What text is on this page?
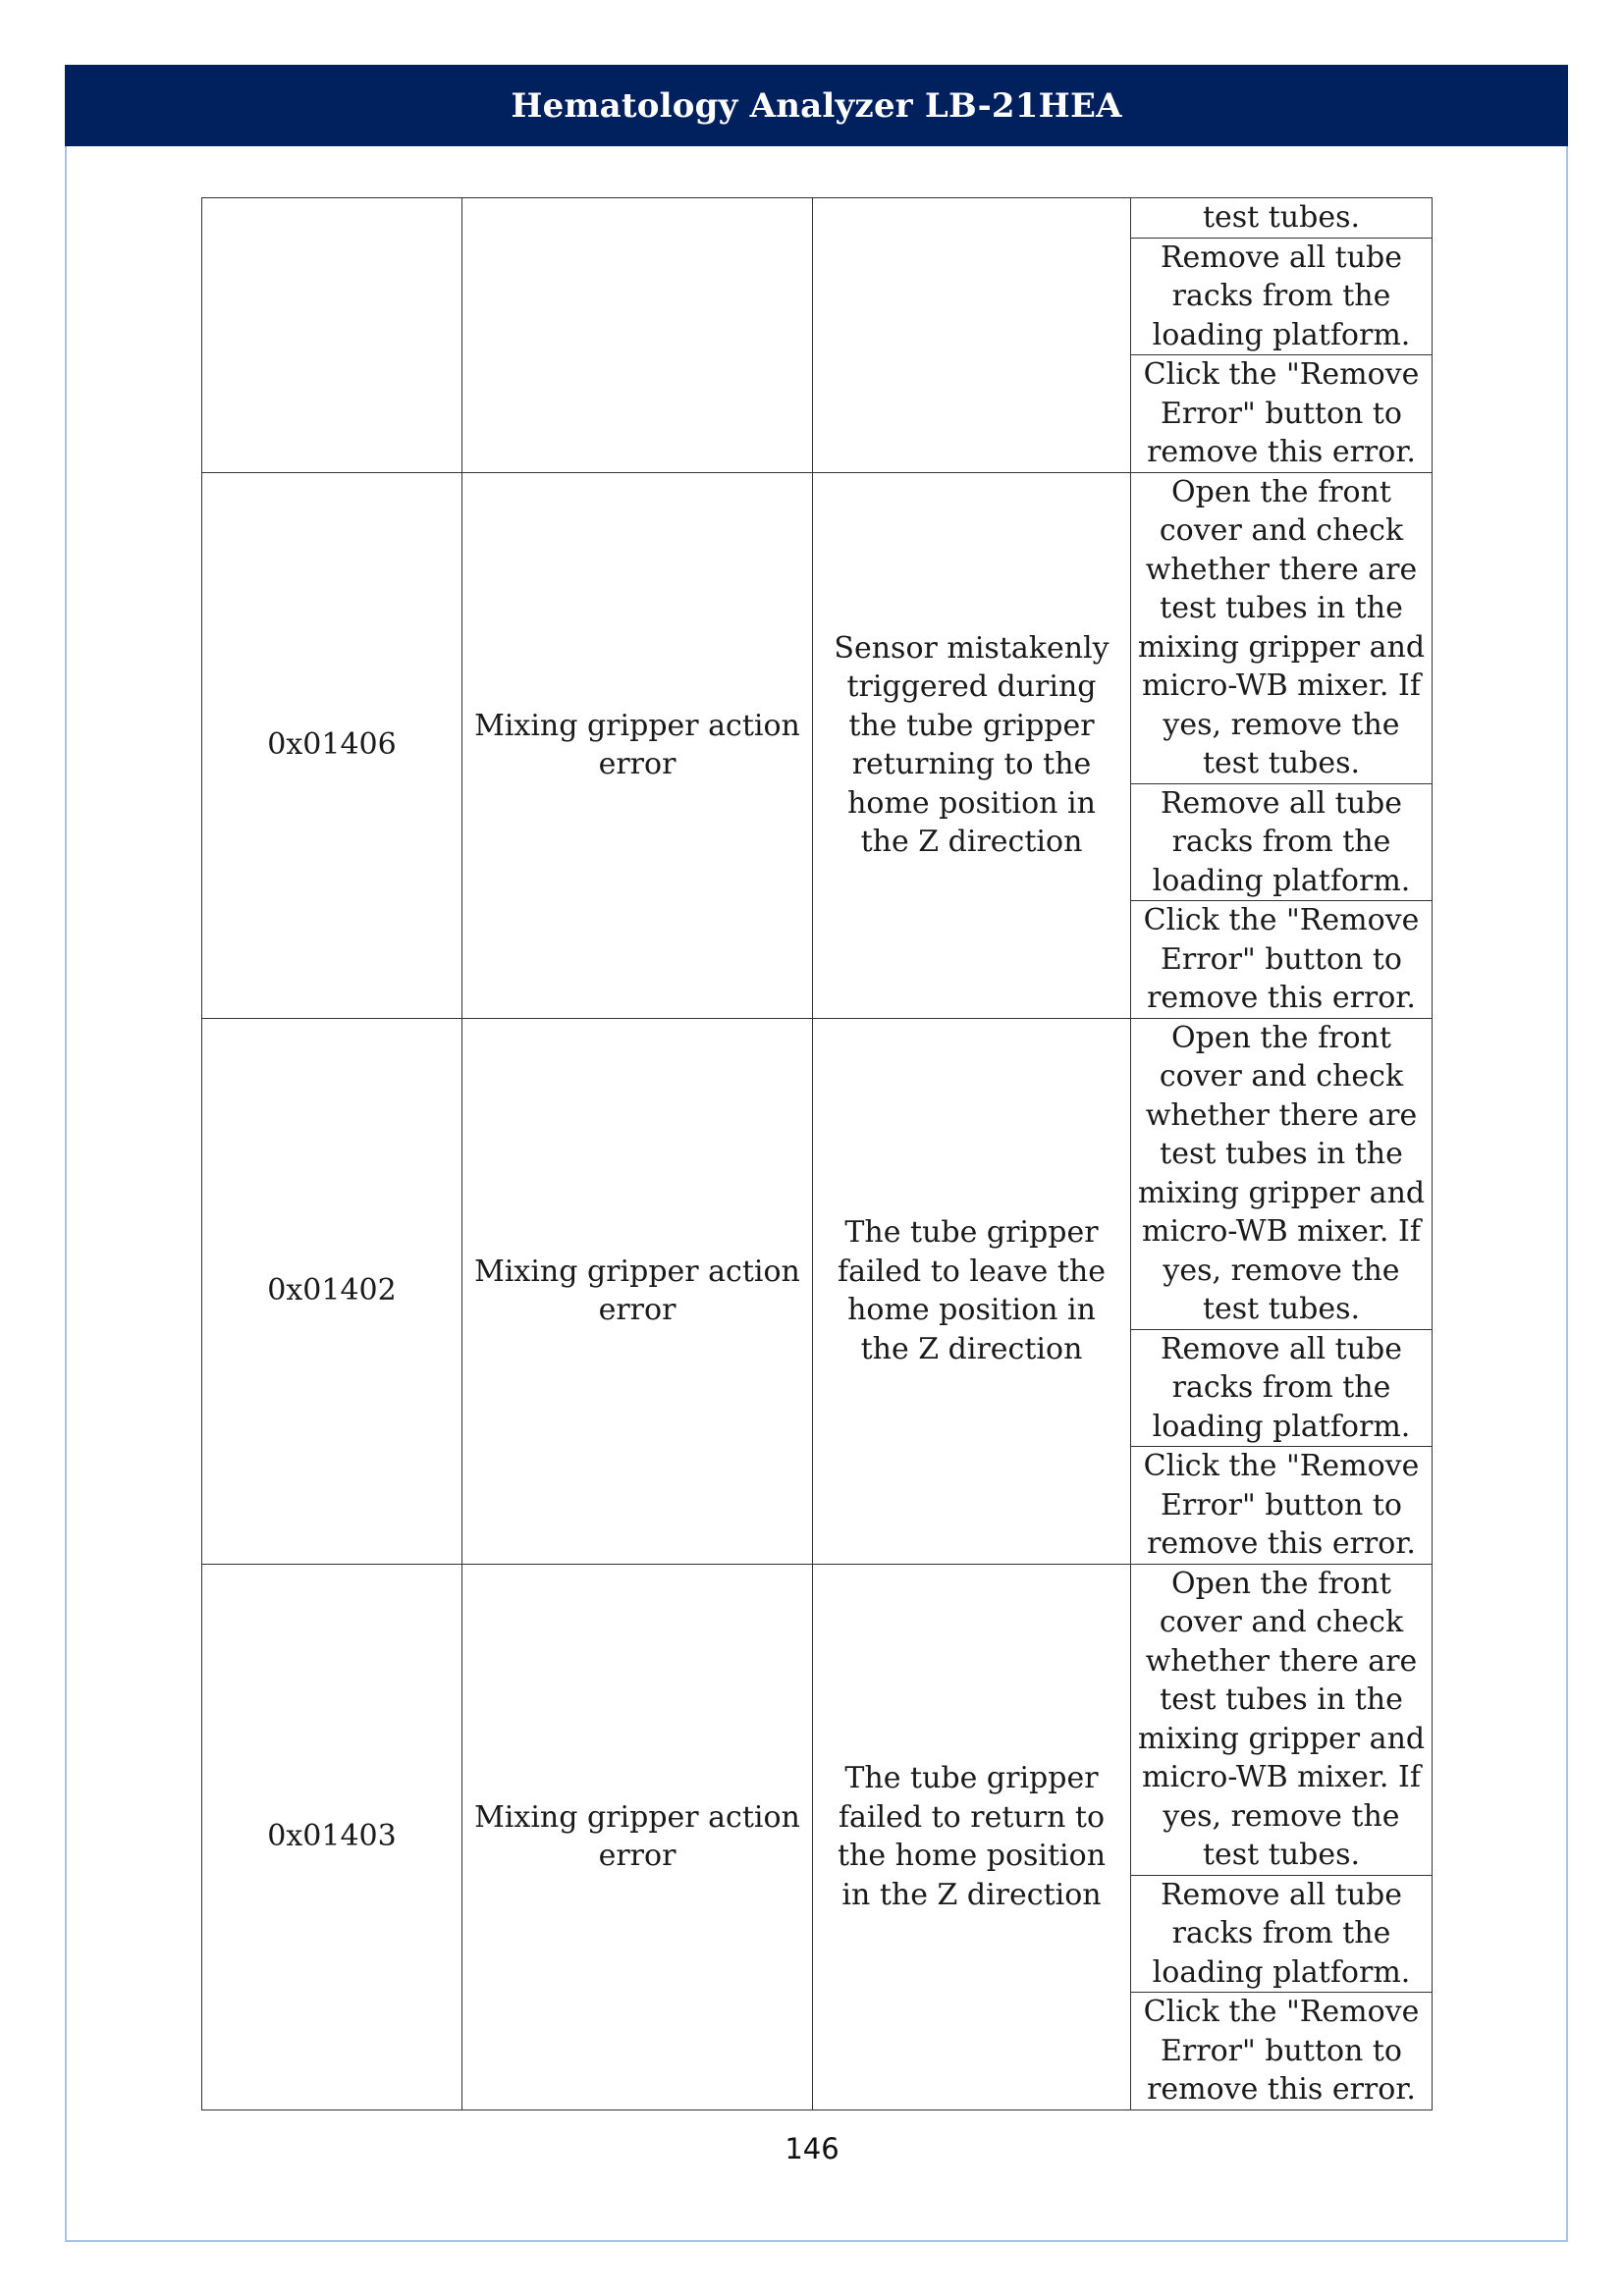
Hematology Analyzer LB-21HEA
			test tubes.
			Remove all tube racks from the loading platform.
			Click the "Remove Error" button to remove this error.
0x01406	Mixing gripper action error	Sensor mistakenly triggered during the tube gripper returning to the home position in the Z direction	Open the front cover and check whether there are test tubes in the mixing gripper and micro-WB mixer. If yes, remove the test tubes.
			Remove all tube racks from the loading platform.
			Click the "Remove Error" button to remove this error.
0x01402	Mixing gripper action error	The tube gripper failed to leave the home position in the Z direction	Open the front cover and check whether there are test tubes in the mixing gripper and micro-WB mixer. If yes, remove the test tubes.
			Remove all tube racks from the loading platform.
			Click the "Remove Error" button to remove this error.
0x01403	Mixing gripper action error	The tube gripper failed to return to the home position in the Z direction	Open the front cover and check whether there are test tubes in the mixing gripper and micro-WB mixer. If yes, remove the test tubes.
			Remove all tube racks from the loading platform.
			Click the "Remove Error" button to remove this error.
146
